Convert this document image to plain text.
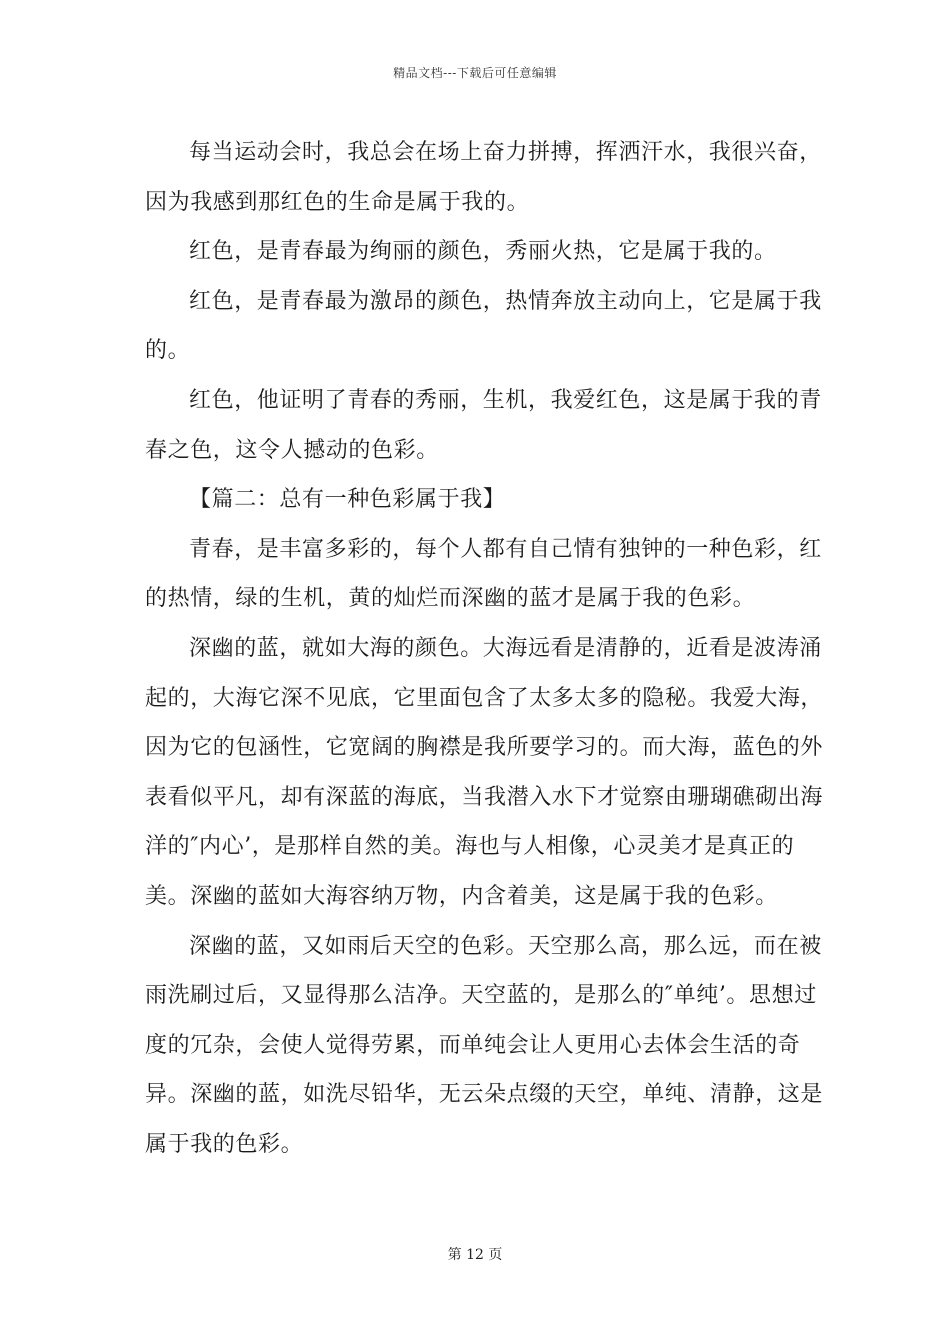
精品文档---下载后可任意编辑

每当运动会时，我总会在场上奋力拼搏，挥洒汗水，我很兴奋，因为我感到那红色的生命是属于我的。

红色，是青春最为绚丽的颜色，秀丽火热，它是属于我的。

红色，是青春最为激昂的颜色，热情奔放主动向上，它是属于我的。

红色，他证明了青春的秀丽，生机，我爱红色，这是属于我的青春之色，这令人撼动的色彩。

【篇二：总有一种色彩属于我】

青春，是丰富多彩的，每个人都有自己情有独钟的一种色彩，红的热情，绿的生机，黄的灿烂而深幽的蓝才是属于我的色彩。

深幽的蓝，就如大海的颜色。大海远看是清静的，近看是波涛涌起的，大海它深不见底，它里面包含了太多太多的隐秘。我爱大海，因为它的包涵性，它宽阔的胸襟是我所要学习的。而大海，蓝色的外表看似平凡，却有深蓝的海底，当我潜入水下才觉察由珊瑚礁砌出海洋的″内心’，是那样自然的美。海也与人相像，心灵美才是真正的美。深幽的蓝如大海容纳万物，内含着美，这是属于我的色彩。

深幽的蓝，又如雨后天空的色彩。天空那么高，那么远，而在被雨洗刷过后，又显得那么洁净。天空蓝的，是那么的″单纯’。思想过度的冗杂，会使人觉得劳累，而单纯会让人更用心去体会生活的奇异。深幽的蓝，如洗尽铅华，无云朵点缀的天空，单纯、清静，这是属于我的色彩。

第 12 页
